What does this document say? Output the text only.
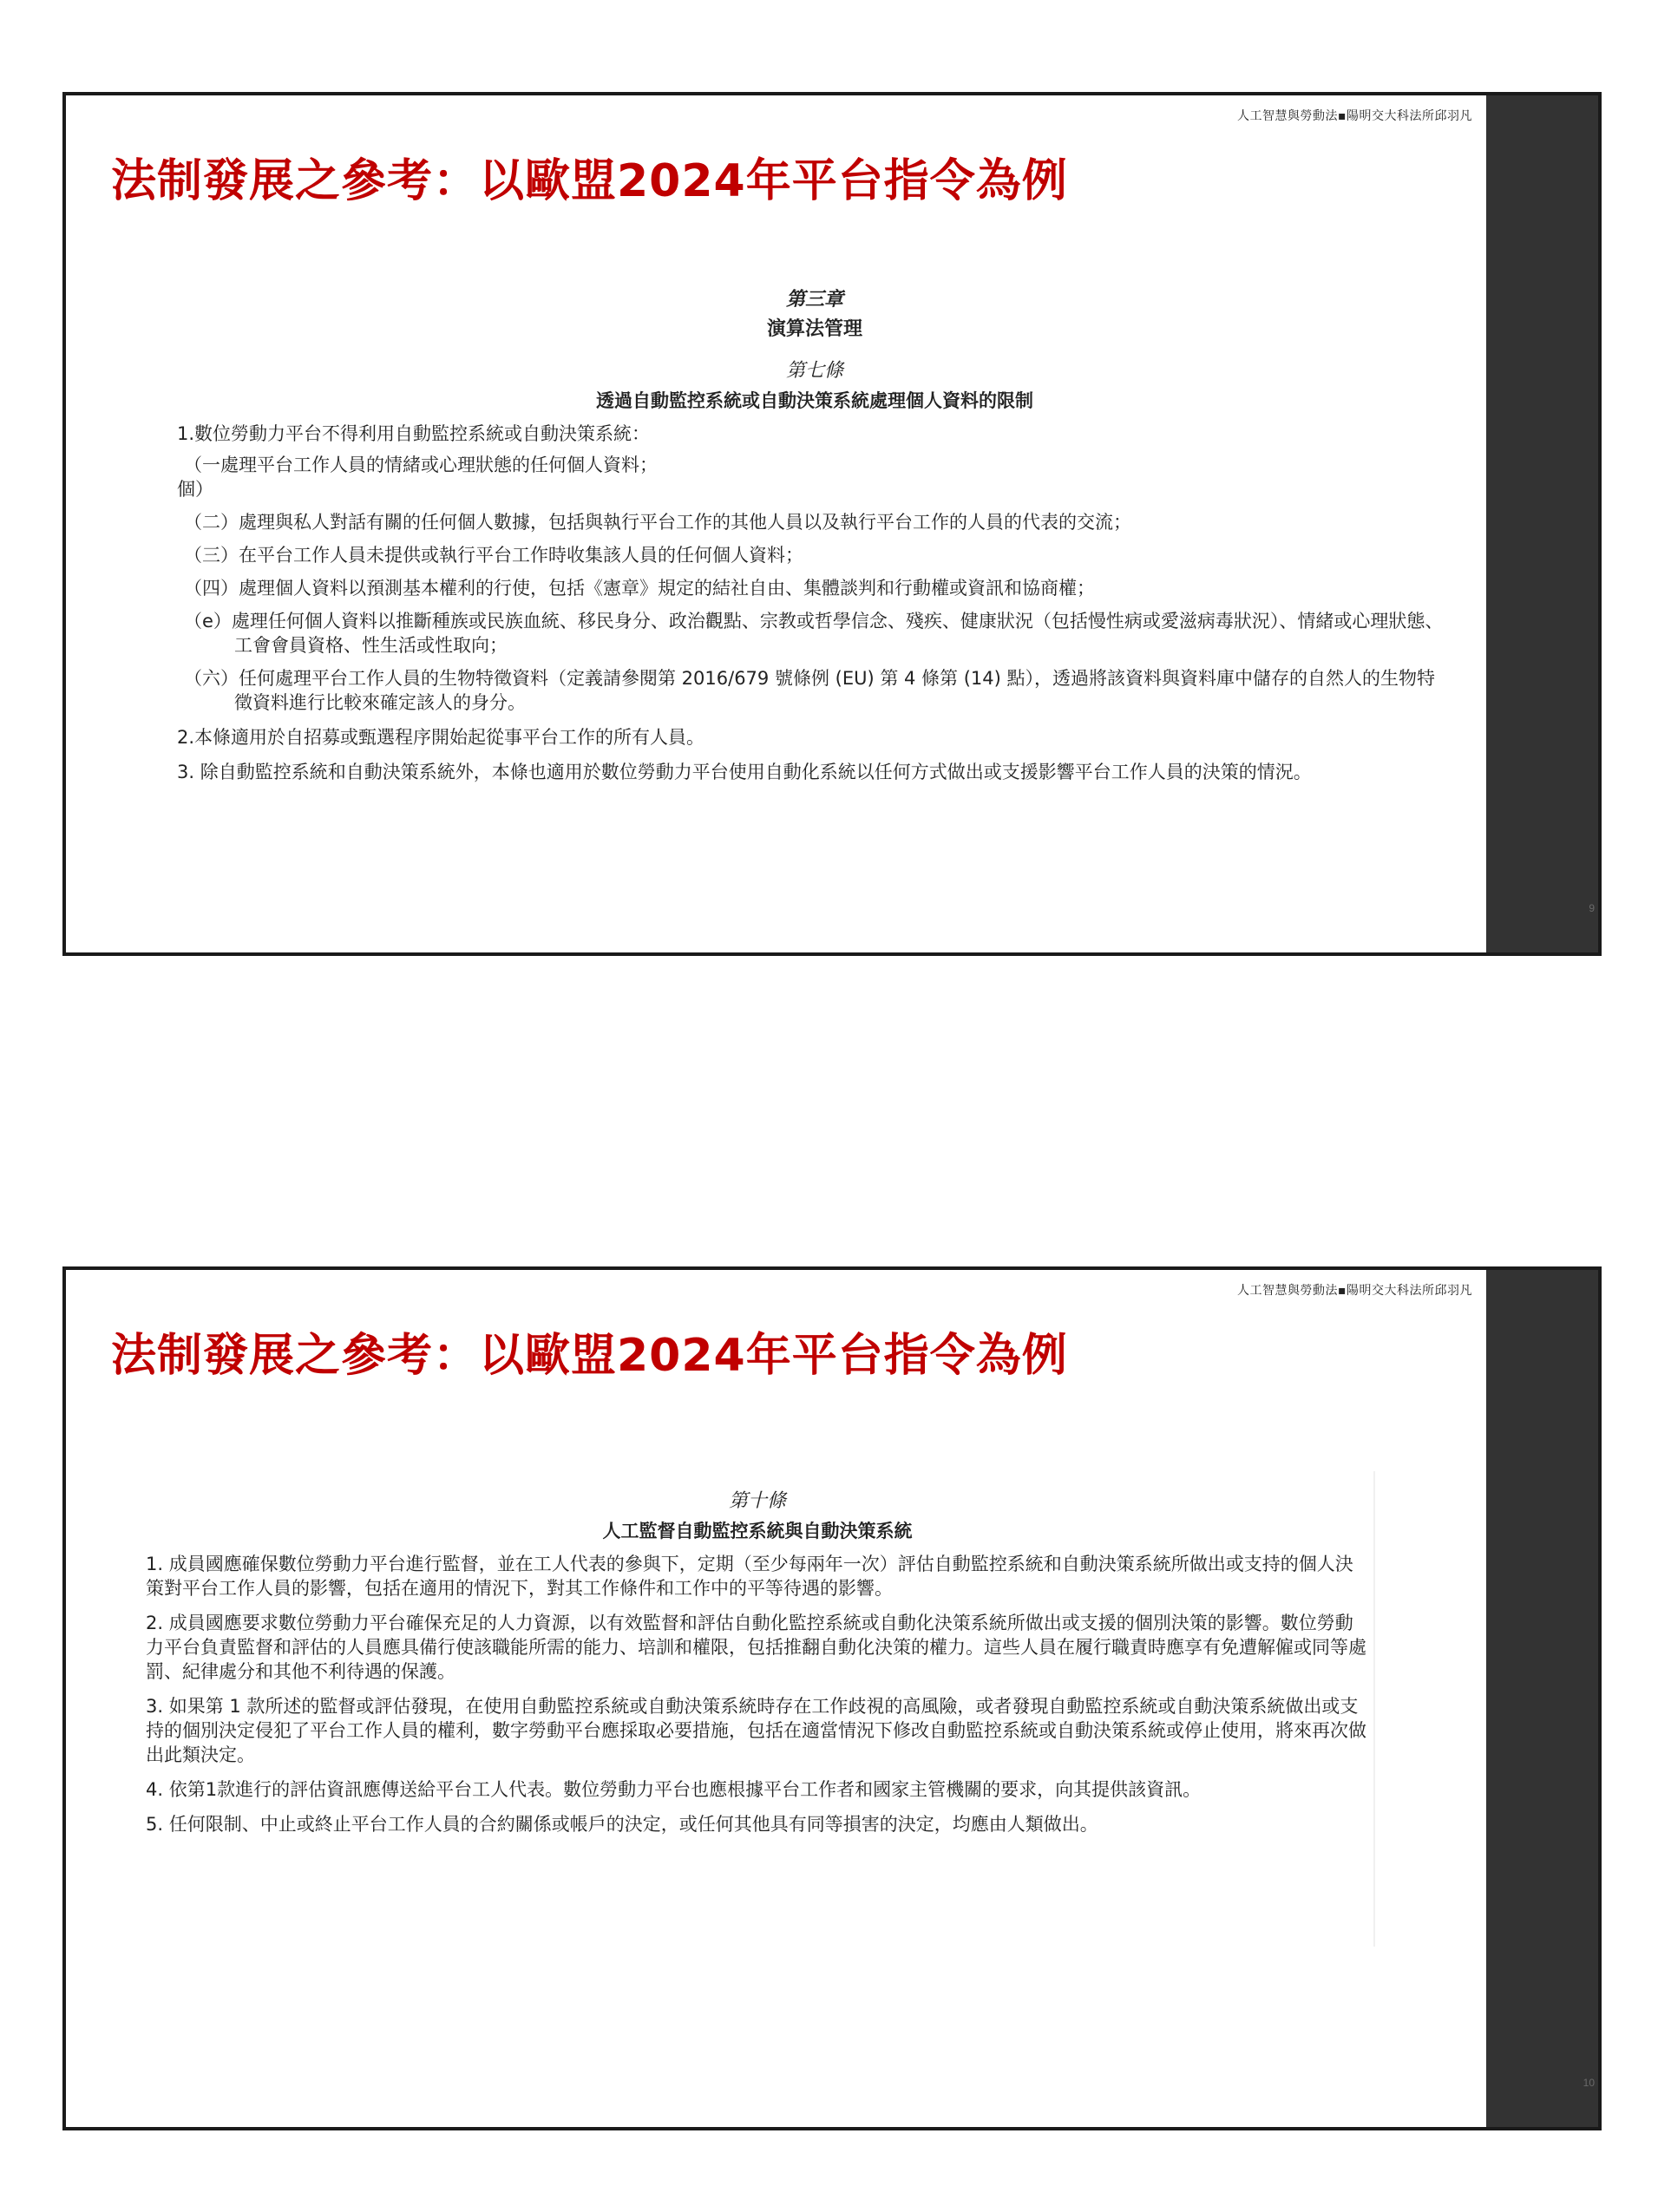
人工智慧與勞動法▪陽明交大科法所邱羽凡
法制發展之參考：以歐盟2024年平台指令為例

第三章

演算法管理

第七條

透過自動監控系統或自動決策系統處理個人資料的限制

1.數位勞動力平台不得利用自動監控系統或自動決策系統：

（一處理平台工作人員的情緒或心理狀態的任何個人資料；
個）

（二）處理與私人對話有關的任何個人數據，包括與執行平台工作的其他人員以及執行平台工作的人員的代表的交流；

（三）在平台工作人員未提供或執行平台工作時收集該人員的任何個人資料；

（四）處理個人資料以預測基本權利的行使，包括《憲章》規定的結社自由、集體談判和行動權或資訊和協商權；

（e）處理任何個人資料以推斷種族或民族血統、移民身分、政治觀點、宗教或哲學信念、殘疾、健康狀況（包括慢性病或愛滋病毒狀況）、情緒或心理狀態、工會會員資格、性生活或性取向；

（六）任何處理平台工作人員的生物特徵資料（定義請參閱第 2016/679 號條例 (EU) 第 4 條第 (14) 點），透過將該資料與資料庫中儲存的自然人的生物特徵資料進行比較來確定該人的身分。

2.本條適用於自招募或甄選程序開始起從事平台工作的所有人員。

3. 除自動監控系統和自動決策系統外，本條也適用於數位勞動力平台使用自動化系統以任何方式做出或支援影響平台工作人員的決策的情況。

9
人工智慧與勞動法▪陽明交大科法所邱羽凡
法制發展之參考：以歐盟2024年平台指令為例

第十條

人工監督自動監控系統與自動決策系統

1. 成員國應確保數位勞動力平台進行監督，並在工人代表的參與下，定期（至少每兩年一次）評估自動監控系統和自動決策系統所做出或支持的個人決策對平台工作人員的影響，包括在適用的情況下，對其工作條件和工作中的平等待遇的影響。

2. 成員國應要求數位勞動力平台確保充足的人力資源，以有效監督和評估自動化監控系統或自動化決策系統所做出或支援的個別決策的影響。數位勞動力平台負責監督和評估的人員應具備行使該職能所需的能力、培訓和權限，包括推翻自動化決策的權力。這些人員在履行職責時應享有免遭解僱或同等處罰、紀律處分和其他不利待遇的保護。

3. 如果第 1 款所述的監督或評估發現，在使用自動監控系統或自動決策系統時存在工作歧視的高風險，或者發現自動監控系統或自動決策系統做出或支持的個別決定侵犯了平台工作人員的權利，數字勞動平台應採取必要措施，包括在適當情況下修改自動監控系統或自動決策系統或停止使用，將來再次做出此類決定。

4. 依第1款進行的評估資訊應傳送給平台工人代表。數位勞動力平台也應根據平台工作者和國家主管機關的要求，向其提供該資訊。

5. 任何限制、中止或終止平台工作人員的合約關係或帳戶的決定，或任何其他具有同等損害的決定，均應由人類做出。

10
